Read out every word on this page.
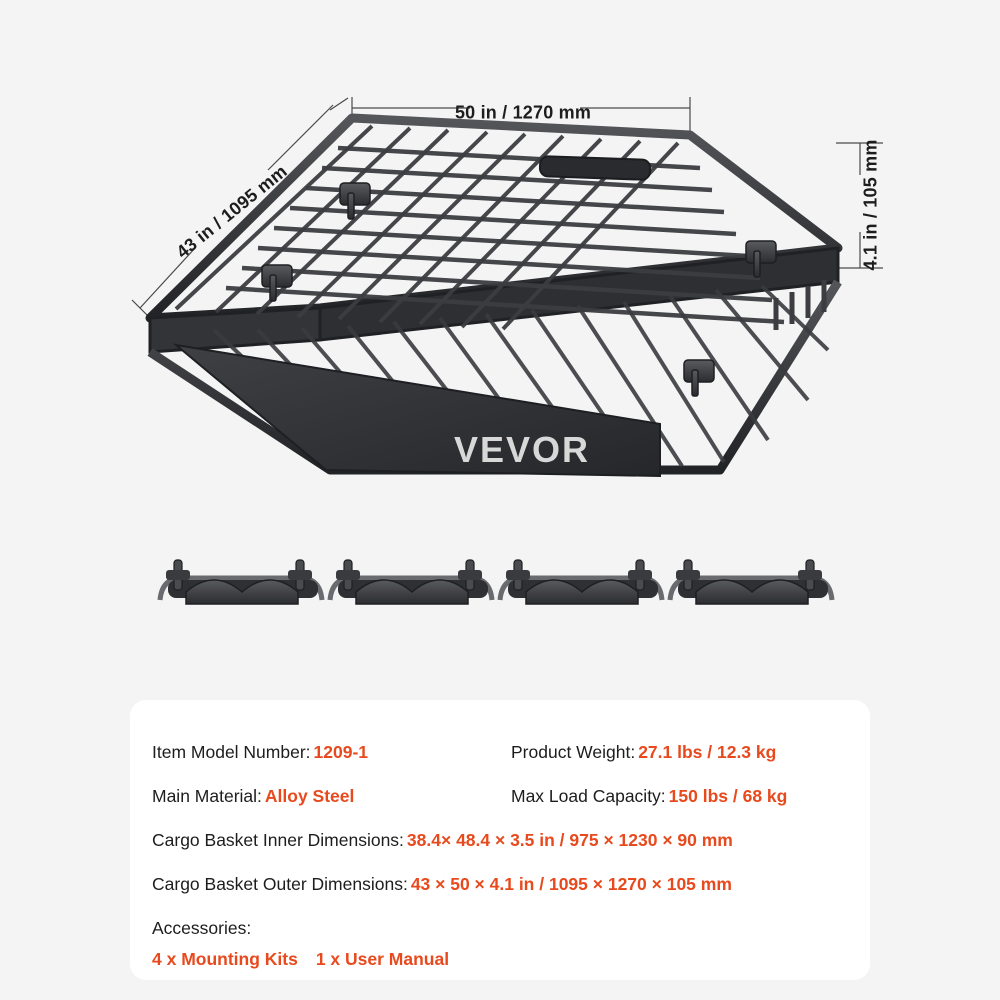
VEVOR
50 in / 1270 mm
43 in / 1095 mm	4.1 in / 105 mm
Item Model Number: 1209-1	Product Weight: 27.1 lbs / 12.3 kg
Main Material: Alloy Steel	Max Load Capacity: 150 lbs / 68 kg
Cargo Basket Inner Dimensions: 38.4× 48.4 × 3.5 in / 975 × 1230 × 90 mm
Cargo Basket Outer Dimensions: 43 × 50 × 4.1 in / 1095 × 1270 × 105 mm
Accessories:
4 x Mounting Kits 1 x User Manual
